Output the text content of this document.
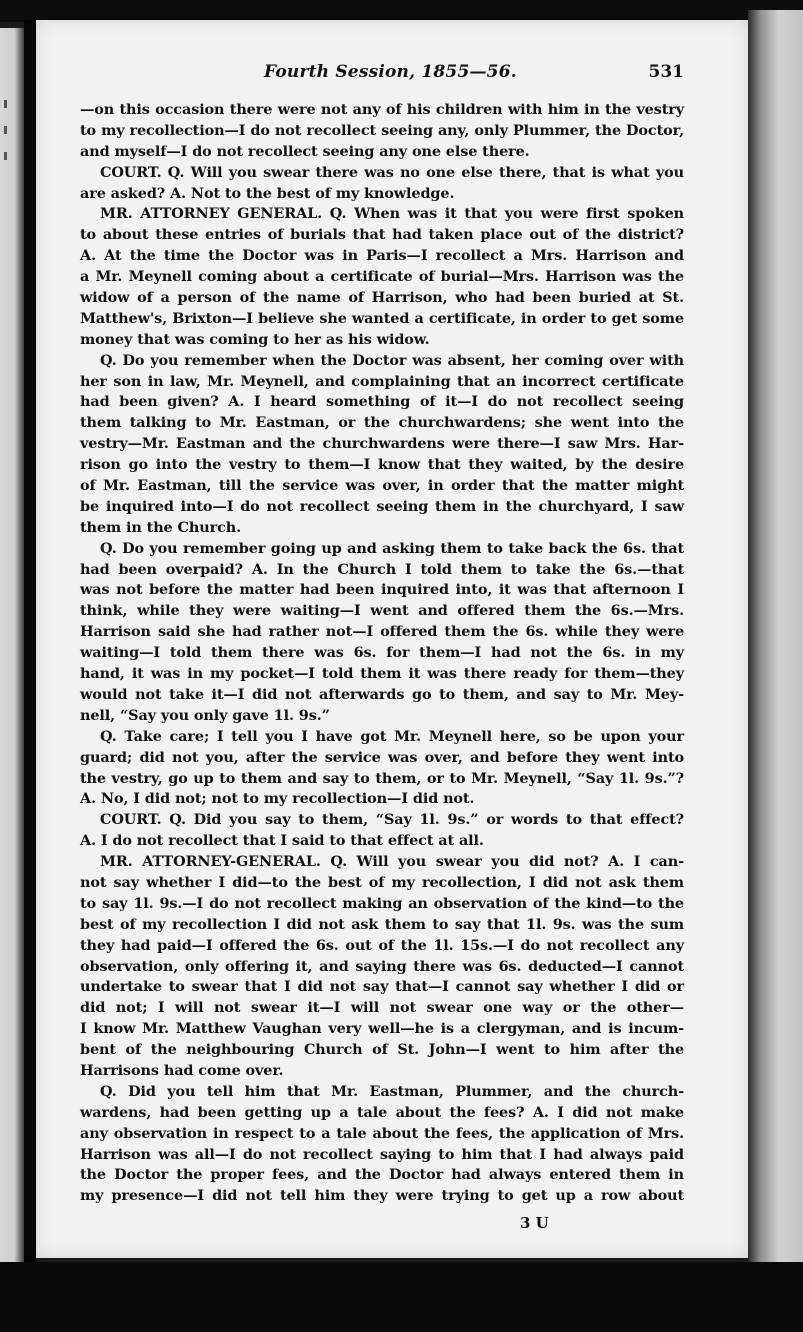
Fourth Session, 1855—56.	531
—on this occasion there were not any of his children with him in the vestry
to my recollection—I do not recollect seeing any, only Plummer, the Doctor,
and myself—I do not recollect seeing any one else there.
COURT. Q. Will you swear there was no one else there, that is what you
are asked? A. Not to the best of my knowledge.
MR. ATTORNEY GENERAL. Q. When was it that you were first spoken
to about these entries of burials that had taken place out of the district?
A. At the time the Doctor was in Paris—I recollect a Mrs. Harrison and
a Mr. Meynell coming about a certificate of burial—Mrs. Harrison was the
widow of a person of the name of Harrison, who had been buried at St.
Matthew's, Brixton—I believe she wanted a certificate, in order to get some
money that was coming to her as his widow.
Q. Do you remember when the Doctor was absent, her coming over with
her son in law, Mr. Meynell, and complaining that an incorrect certificate
had been given? A. I heard something of it—I do not recollect seeing
them talking to Mr. Eastman, or the churchwardens; she went into the
vestry—Mr. Eastman and the churchwardens were there—I saw Mrs. Har-
rison go into the vestry to them—I know that they waited, by the desire
of Mr. Eastman, till the service was over, in order that the matter might
be inquired into—I do not recollect seeing them in the churchyard, I saw
them in the Church.
Q. Do you remember going up and asking them to take back the 6s. that
had been overpaid? A. In the Church I told them to take the 6s.—that
was not before the matter had been inquired into, it was that afternoon I
think, while they were waiting—I went and offered them the 6s.—Mrs.
Harrison said she had rather not—I offered them the 6s. while they were
waiting—I told them there was 6s. for them—I had not the 6s. in my
hand, it was in my pocket—I told them it was there ready for them—they
would not take it—I did not afterwards go to them, and say to Mr. Mey-
nell, “Say you only gave 1l. 9s.”
Q. Take care; I tell you I have got Mr. Meynell here, so be upon your
guard; did not you, after the service was over, and before they went into
the vestry, go up to them and say to them, or to Mr. Meynell, “Say 1l. 9s.”?
A. No, I did not; not to my recollection—I did not.
COURT. Q. Did you say to them, “Say 1l. 9s.” or words to that effect?
A. I do not recollect that I said to that effect at all.
MR. ATTORNEY-GENERAL. Q. Will you swear you did not? A. I can-
not say whether I did—to the best of my recollection, I did not ask them
to say 1l. 9s.—I do not recollect making an observation of the kind—to the
best of my recollection I did not ask them to say that 1l. 9s. was the sum
they had paid—I offered the 6s. out of the 1l. 15s.—I do not recollect any
observation, only offering it, and saying there was 6s. deducted—I cannot
undertake to swear that I did not say that—I cannot say whether I did or
did not; I will not swear it—I will not swear one way or the other—
I know Mr. Matthew Vaughan very well—he is a clergyman, and is incum-
bent of the neighbouring Church of St. John—I went to him after the
Harrisons had come over.
Q. Did you tell him that Mr. Eastman, Plummer, and the church-
wardens, had been getting up a tale about the fees? A. I did not make
any observation in respect to a tale about the fees, the application of Mrs.
Harrison was all—I do not recollect saying to him that I had always paid
the Doctor the proper fees, and the Doctor had always entered them in
my presence—I did not tell him they were trying to get up a row about
3 U
